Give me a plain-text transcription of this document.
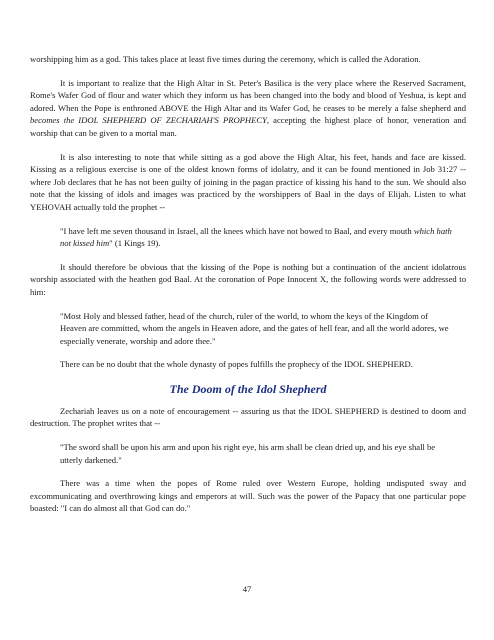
worshipping him as a god. This takes place at least five times during the ceremony, which is called the Adoration.

It is important to realize that the High Altar in St. Peter's Basilica is the very place where the Reserved Sacrament, Rome's Wafer God of flour and water which they inform us has been changed into the body and blood of Yeshua, is kept and adored. When the Pope is enthroned ABOVE the High Altar and its Wafer God, he ceases to be merely a false shepherd and becomes the IDOL SHEPHERD OF ZECHARIAH'S PROPHECY, accepting the highest place of honor, veneration and worship that can be given to a mortal man.

It is also interesting to note that while sitting as a god above the High Altar, his feet, hands and face are kissed. Kissing as a religious exercise is one of the oldest known forms of idolatry, and it can be found mentioned in Job 31:27 -- where Job declares that he has not been guilty of joining in the pagan practice of kissing his hand to the sun. We should also note that the kissing of idols and images was practiced by the worshippers of Baal in the days of Elijah. Listen to what YEHOVAH actually told the prophet --

"I have left me seven thousand in Israel, all the knees which have not bowed to Baal, and every mouth which hath not kissed him" (1 Kings 19).

It should therefore be obvious that the kissing of the Pope is nothing but a continuation of the ancient idolatrous worship associated with the heathen god Baal. At the coronation of Pope Innocent X, the following words were addressed to him:

"Most Holy and blessed father, head of the church, ruler of the world, to whom the keys of the Kingdom of Heaven are committed, whom the angels in Heaven adore, and the gates of hell fear, and all the world adores, we especially venerate, worship and adore thee."

There can be no doubt that the whole dynasty of popes fulfills the prophecy of the IDOL SHEPHERD.

The Doom of the Idol Shepherd

Zechariah leaves us on a note of encouragement -- assuring us that the IDOL SHEPHERD is destined to doom and destruction. The prophet writes that --

"The sword shall be upon his arm and upon his right eye, his arm shall be clean dried up, and his eye shall be utterly darkened."

There was a time when the popes of Rome ruled over Western Europe, holding undisputed sway and excommunicating and overthrowing kings and emperors at will. Such was the power of the Papacy that one particular pope boasted: "I can do almost all that God can do."

47
